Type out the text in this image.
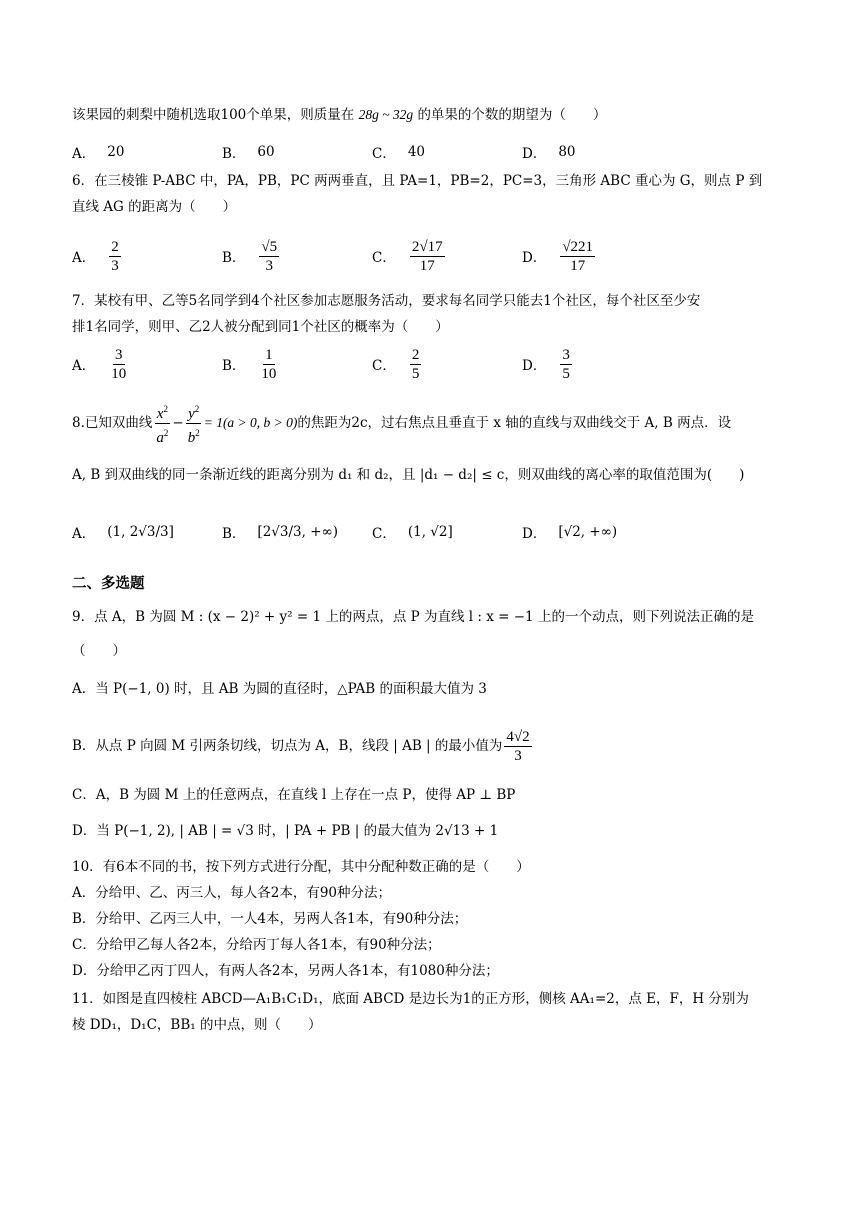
该果园的刺梨中随机选取100个单果，则质量在 28g ~ 32g 的单果的个数的期望为（　　）
A． 20	B． 60	C． 40	D． 80
6．在三棱锥 P-ABC 中，PA，PB，PC 两两垂直，且 PA=1，PB=2，PC=3，三角形 ABC 重心为 G，则点 P 到
直线 AG 的距离为（　　）
A． $\frac{2}{3}$	B． $\frac{√5}{3}$	C． $\frac{2√17}{17}$	D． $\frac{√221}{17}$
7．某校有甲、乙等5名同学到4个社区参加志愿服务活动，要求每名同学只能去1个社区，每个社区至少安
排1名同学，则甲、乙2人被分配到同1个社区的概率为（　　）
A． $\frac{3}{10}$	B． $\frac{1}{10}$	C． $\frac{2}{5}$	D． $\frac{3}{5}$
8.已知双曲线 $\frac{x^2}{a^2} - \frac{y^2}{b^2} = 1(a > 0$, b > 0) 的焦距为2c，过右焦点且垂直于 x 轴的直线与双曲线交于 A, B 两点．设
A, B 到双曲线的同一条渐近线的距离分别为 d₁ 和 d₂，且 |d₁ − d₂| ≤ c，则双曲线的离心率的取值范围为(　　)
A． (1, 2√3/3]	B． [2√3/3, +∞)	C． (1, √2]	D． [√2, +∞)
二、多选题
9．点 A，B 为圆 M : (x − 2)² + y² = 1 上的两点，点 P 为直线 l : x = −1 上的一个动点，则下列说法正确的是
（　　）
A．当 P(−1, 0) 时，且 AB 为圆的直径时，△PAB 的面积最大值为 3
B．从点 P 向圆 M 引两条切线，切点为 A，B，线段 | AB | 的最小值为 $\frac{4√2}{3}$
C．A，B 为圆 M 上的任意两点，在直线 l 上存在一点 P，使得 AP ⊥ BP
D．当 P(−1, 2), | AB | = √3 时，| PA + PB | 的最大值为 2√13 + 1
10．有6本不同的书，按下列方式进行分配，其中分配种数正确的是（　　）
A．分给甲、乙、丙三人，每人各2本，有90种分法；
B．分给甲、乙丙三人中，一人4本，另两人各1本，有90种分法；
C．分给甲乙每人各2本，分给丙丁每人各1本，有90种分法；
D．分给甲乙丙丁四人，有两人各2本，另两人各1本，有1080种分法；
11．如图是直四棱柱 ABCD—A₁B₁C₁D₁，底面 ABCD 是边长为1的正方形，侧核 AA₁=2，点 E，F，H 分别为
棱 DD₁，D₁C，BB₁ 的中点，则（　　）
